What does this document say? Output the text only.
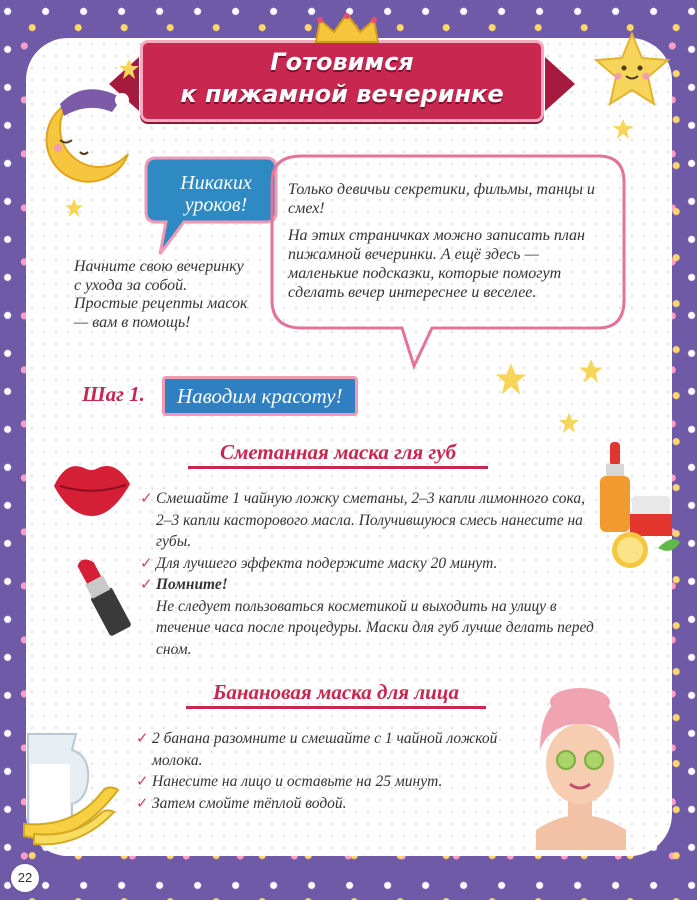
Готовимся
к пижамной вечеринке
Никаких уроков!

Только девичьи секретики, фильмы, танцы и смех!

На этих страничках можно записать план пижамной вечеринки. А ещё здесь — маленькие подсказки, которые помогут сделать вечер интереснее и веселее.

Начните свою вечеринку с ухода за собой. Простые рецепты масок — вам в помощь!
Шаг 1.	Наводим красоту!
Сметанная маска гля губ
✓ Смешайте 1 чайную ложку сметаны, 2–3 капли лимонного сока, 2–3 капли касторового масла. Получившуюся смесь нанесите на губы.
✓ Для лучшего эффекта подержите маску 20 минут.
✓ Помните!
Не следует пользоваться косметикой и выходить на улицу в течение часа после процедуры. Маски для губ лучше делать перед сном.
Банановая маска для лица
✓ 2 банана разомните и смешайте с 1 чайной ложкой молока.
✓ Нанесите на лицо и оставьте на 25 минут.
✓ Затем смойте тёплой водой.
22
